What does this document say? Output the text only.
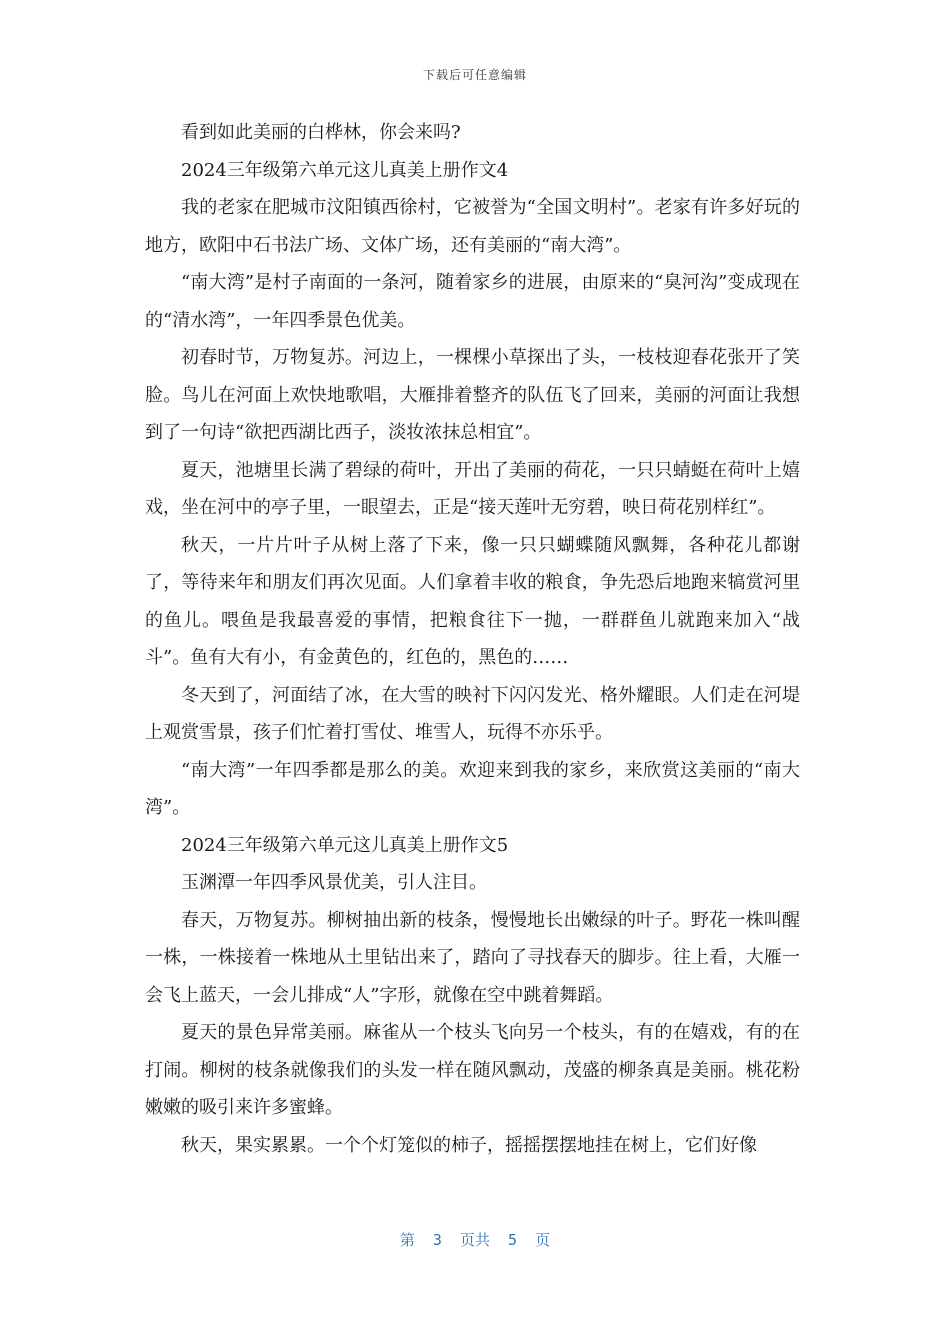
下载后可任意编辑

看到如此美丽的白桦林，你会来吗?

2024三年级第六单元这儿真美上册作文4

我的老家在肥城市汶阳镇西徐村，它被誉为“全国文明村”。老家有许多好玩的地方，欧阳中石书法广场、文体广场，还有美丽的“南大湾”。

“南大湾”是村子南面的一条河，随着家乡的进展，由原来的“臭河沟”变成现在的“清水湾”，一年四季景色优美。

初春时节，万物复苏。河边上，一棵棵小草探出了头，一枝枝迎春花张开了笑脸。鸟儿在河面上欢快地歌唱，大雁排着整齐的队伍飞了回来，美丽的河面让我想到了一句诗“欲把西湖比西子，淡妆浓抹总相宜”。

夏天，池塘里长满了碧绿的荷叶，开出了美丽的荷花，一只只蜻蜓在荷叶上嬉戏，坐在河中的亭子里，一眼望去，正是“接天莲叶无穷碧，映日荷花别样红”。

秋天，一片片叶子从树上落了下来，像一只只蝴蝶随风飘舞，各种花儿都谢了，等待来年和朋友们再次见面。人们拿着丰收的粮食，争先恐后地跑来犒赏河里的鱼儿。喂鱼是我最喜爱的事情，把粮食往下一抛，一群群鱼儿就跑来加入“战斗”。鱼有大有小，有金黄色的，红色的，黑色的……

冬天到了，河面结了冰，在大雪的映衬下闪闪发光、格外耀眼。人们走在河堤上观赏雪景，孩子们忙着打雪仗、堆雪人，玩得不亦乐乎。

“南大湾”一年四季都是那么的美。欢迎来到我的家乡，来欣赏这美丽的“南大湾”。

2024三年级第六单元这儿真美上册作文5

玉渊潭一年四季风景优美，引人注目。

春天，万物复苏。柳树抽出新的枝条，慢慢地长出嫩绿的叶子。野花一株叫醒一株，一株接着一株地从土里钻出来了，踏向了寻找春天的脚步。往上看，大雁一会飞上蓝天，一会儿排成“人”字形，就像在空中跳着舞蹈。

夏天的景色异常美丽。麻雀从一个枝头飞向另一个枝头，有的在嬉戏，有的在打闹。柳树的枝条就像我们的头发一样在随风飘动，茂盛的柳条真是美丽。桃花粉嫩嫩的吸引来许多蜜蜂。

秋天，果实累累。一个个灯笼似的柿子，摇摇摆摆地挂在树上，它们好像

第  3  页共  5  页
